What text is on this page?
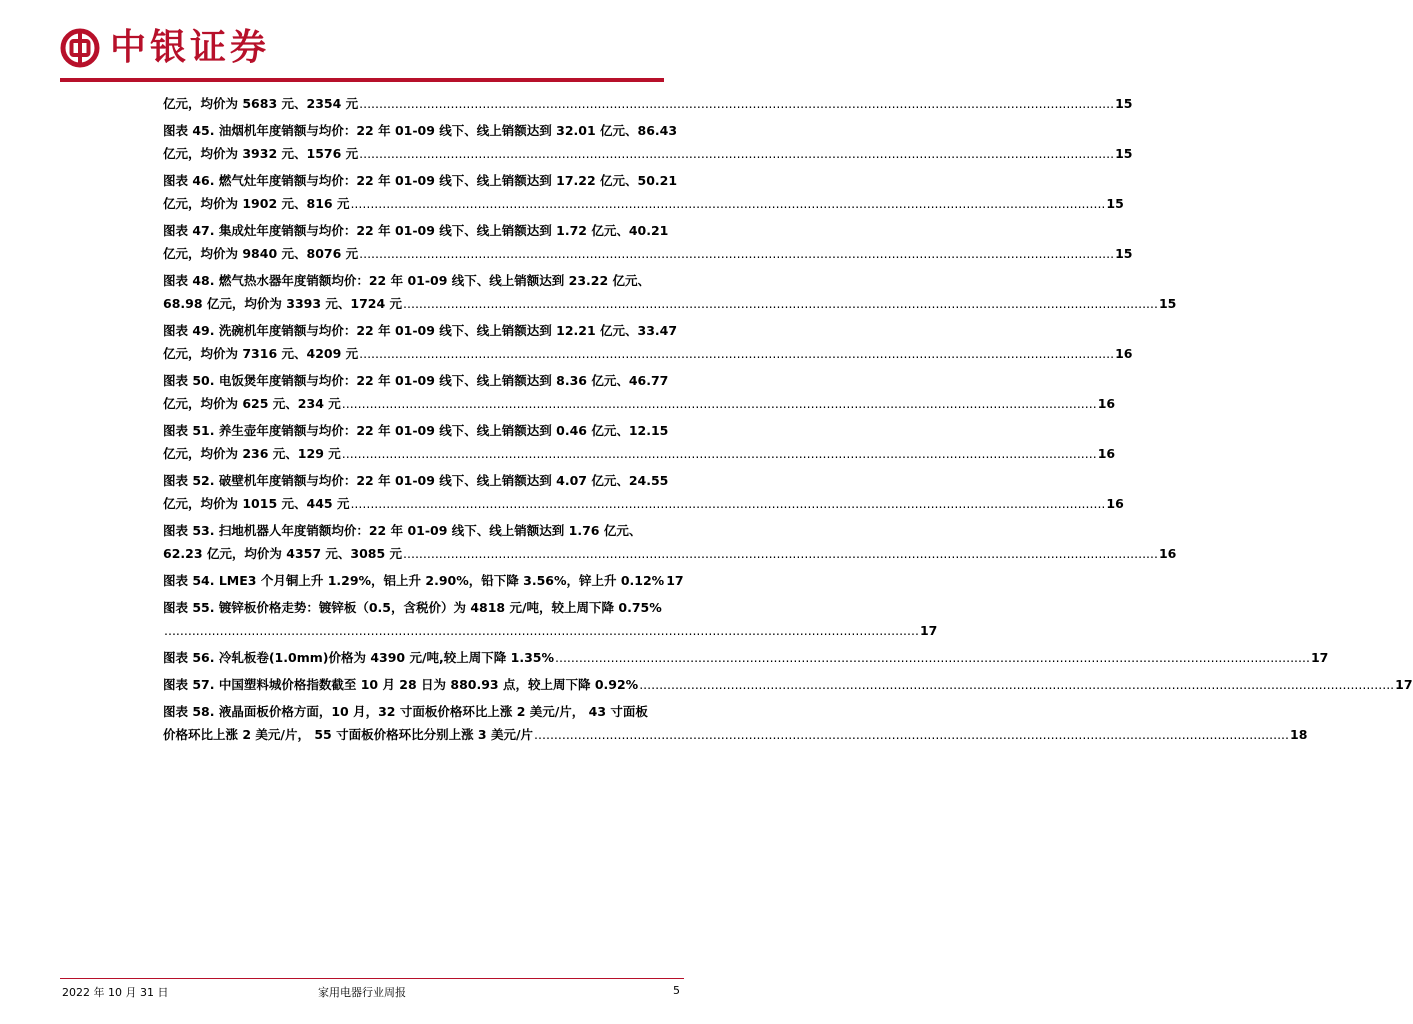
中银证券
亿元，均价为 5683 元、2354 元 .....	15
图表 45. 油烟机年度销额与均价：22 年 01-09 线下、线上销额达到 32.01 亿元、86.43
亿元，均价为 3932 元、1576 元 .....	15
图表 46. 燃气灶年度销额与均价：22 年 01-09 线下、线上销额达到 17.22 亿元、50.21
亿元，均价为 1902 元、816 元 .....	15
图表 47. 集成灶年度销额与均价：22 年 01-09 线下、线上销额达到 1.72 亿元、40.21
亿元，均价为 9840 元、8076 元 .....	15
图表 48. 燃气热水器年度销额均价：22 年 01-09 线下、线上销额达到 23.22 亿元、
68.98 亿元，均价为 3393 元、1724 元 .....	15
图表 49. 洗碗机年度销额与均价：22 年 01-09 线下、线上销额达到 12.21 亿元、33.47
亿元，均价为 7316 元、4209 元 .....	16
图表 50. 电饭煲年度销额与均价：22 年 01-09 线下、线上销额达到 8.36 亿元、46.77
亿元，均价为 625 元、234 元 .....	16
图表 51. 养生壶年度销额与均价：22 年 01-09 线下、线上销额达到 0.46 亿元、12.15
亿元，均价为 236 元、129 元 .....	16
图表 52. 破壁机年度销额与均价：22 年 01-09 线下、线上销额达到 4.07 亿元、24.55
亿元，均价为 1015 元、445 元 .....	16
图表 53. 扫地机器人年度销额均价：22 年 01-09 线下、线上销额达到 1.76 亿元、
62.23 亿元，均价为 4357 元、3085 元 .....	16
图表 54. LME3 个月铜上升 1.29%，铝上升 2.90%，铅下降 3.56%，锌上升 0.12% 17
图表 55. 镀锌板价格走势：镀锌板（0.5，含税价）为 4818 元/吨，较上周下降 0.75%
.....
17
图表 56. 冷轧板卷(1.0mm)价格为 4390 元/吨,较上周下降 1.35% .....	17
图表 57. 中国塑料城价格指数截至 10 月 28 日为 880.93 点，较上周下降 0.92% .....	17
图表 58. 液晶面板价格方面，10 月，32 寸面板价格环比上涨 2 美元/片， 43 寸面板
价格环比上涨 2 美元/片， 55 寸面板价格环比分别上涨 3 美元/片 .....	18
2022 年 10 月 31 日	家用电器行业周报	5
